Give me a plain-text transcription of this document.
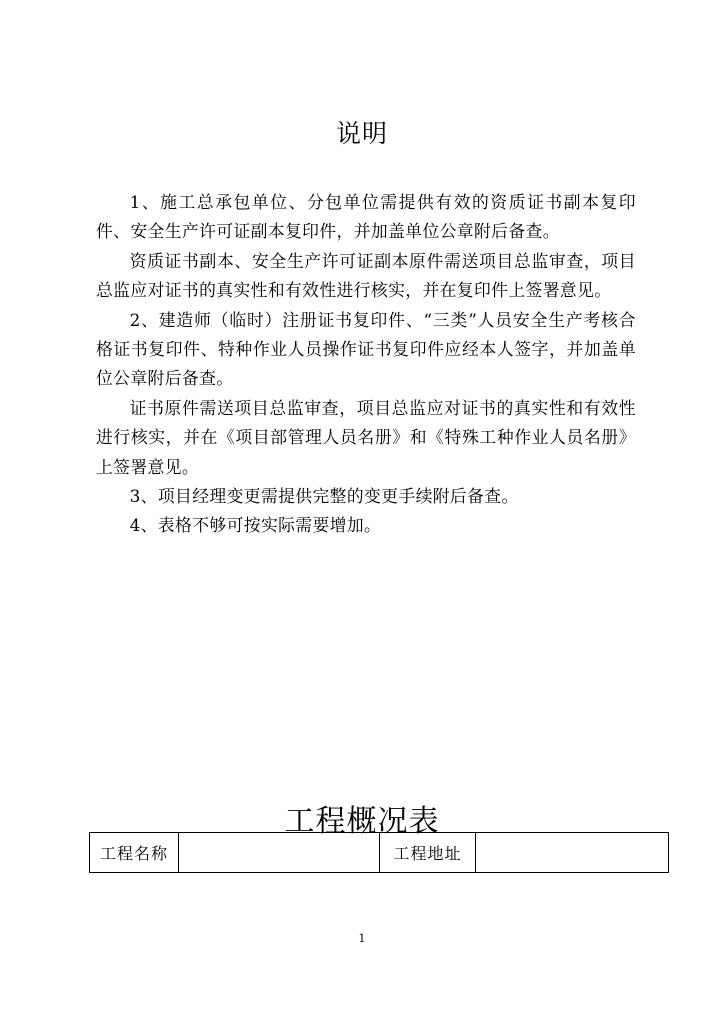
说明

1、施工总承包单位、分包单位需提供有效的资质证书副本复印件、安全生产许可证副本复印件，并加盖单位公章附后备查。

资质证书副本、安全生产许可证副本原件需送项目总监审查，项目总监应对证书的真实性和有效性进行核实，并在复印件上签署意见。

2、建造师（临时）注册证书复印件、“三类”人员安全生产考核合格证书复印件、特种作业人员操作证书复印件应经本人签字，并加盖单位公章附后备查。

证书原件需送项目总监审查，项目总监应对证书的真实性和有效性进行核实，并在《项目部管理人员名册》和《特殊工种作业人员名册》上签署意见。

3、项目经理变更需提供完整的变更手续附后备查。

4、表格不够可按实际需要增加。

工程概况表
工程名称		工程地址	
1
